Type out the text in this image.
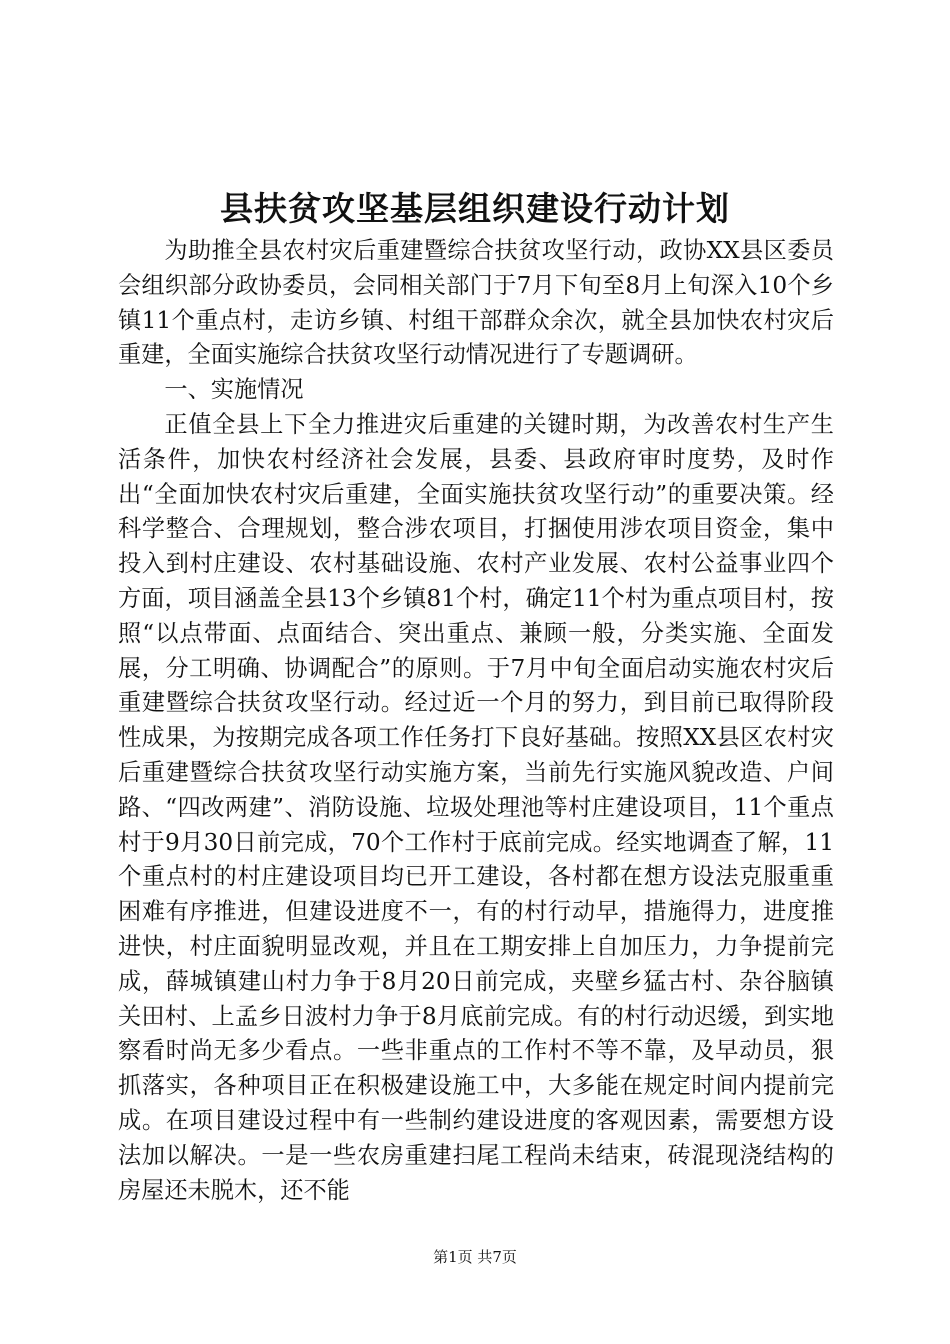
县扶贫攻坚基层组织建设行动计划

为助推全县农村灾后重建暨综合扶贫攻坚行动，政协XX县区委员会组织部分政协委员，会同相关部门于7月下旬至8月上旬深入10个乡镇11个重点村，走访乡镇、村组干部群众余次，就全县加快农村灾后重建，全面实施综合扶贫攻坚行动情况进行了专题调研。

一、实施情况

正值全县上下全力推进灾后重建的关键时期，为改善农村生产生活条件，加快农村经济社会发展，县委、县政府审时度势，及时作出“全面加快农村灾后重建，全面实施扶贫攻坚行动”的重要决策。经科学整合、合理规划，整合涉农项目，打捆使用涉农项目资金，集中投入到村庄建设、农村基础设施、农村产业发展、农村公益事业四个方面，项目涵盖全县13个乡镇81个村，确定11个村为重点项目村，按照“以点带面、点面结合、突出重点、兼顾一般，分类实施、全面发展，分工明确、协调配合”的原则。于7月中旬全面启动实施农村灾后重建暨综合扶贫攻坚行动。经过近一个月的努力，到目前已取得阶段性成果，为按期完成各项工作任务打下良好基础。按照XX县区农村灾后重建暨综合扶贫攻坚行动实施方案，当前先行实施风貌改造、户间路、“四改两建”、消防设施、垃圾处理池等村庄建设项目，11个重点村于9月30日前完成，70个工作村于底前完成。经实地调查了解，11个重点村的村庄建设项目均已开工建设，各村都在想方设法克服重重困难有序推进，但建设进度不一，有的村行动早，措施得力，进度推进快，村庄面貌明显改观，并且在工期安排上自加压力，力争提前完成，薛城镇建山村力争于8月20日前完成，夹壁乡猛古村、杂谷脑镇关田村、上孟乡日波村力争于8月底前完成。有的村行动迟缓，到实地察看时尚无多少看点。一些非重点的工作村不等不靠，及早动员，狠抓落实，各种项目正在积极建设施工中，大多能在规定时间内提前完成。在项目建设过程中有一些制约建设进度的客观因素，需要想方设法加以解决。一是一些农房重建扫尾工程尚未结束，砖混现浇结构的房屋还未脱木，还不能

第1页 共7页
